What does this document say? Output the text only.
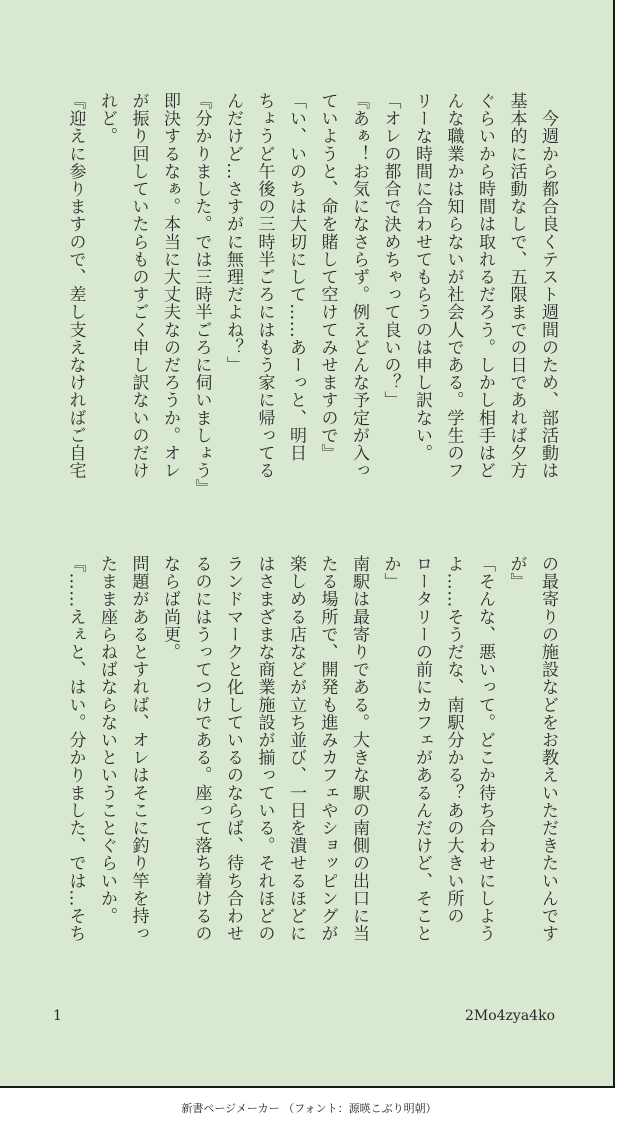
　今週から都合良くテスト週間のため、部活動は
基本的に活動なしで、五限までの日であれば夕方
ぐらいから時間は取れるだろう。しかし相手はど
んな職業かは知らないが社会人である。学生のフ
リーな時間に合わせてもらうのは申し訳ない。
「オレの都合で決めちゃって良いの？」
『あぁ！お気になさらず。例えどんな予定が入っ
ていようと、命を賭して空けてみせますので』
「い、いのちは大切にして……あーっと、明日
ちょうど午後の三時半ごろにはもう家に帰ってる
んだけど…さすがに無理だよね？」
『分かりました。では三時半ごろに伺いましょう』
即決するなぁ。本当に大丈夫なのだろうか。オレ
が振り回していたらものすごく申し訳ないのだけ
れど。
『迎えに参りますので、差し支えなければご自宅
の最寄りの施設などをお教えいただきたいんです
が』
「そんな、悪いって。どこか待ち合わせにしよう
よ……そうだな、南駅分かる？あの大きい所の
ロータリーの前にカフェがあるんだけど、そこと
か」
南駅は最寄りである。大きな駅の南側の出口に当
たる場所で、開発も進みカフェやショッピングが
楽しめる店などが立ち並び、一日を潰せるほどに
はさまざまな商業施設が揃っている。それほどの
ランドマークと化しているのならば、待ち合わせ
るのにはうってつけである。座って落ち着けるの
ならば尚更。
問題があるとすれば、オレはそこに釣り竿を持っ
たまま座らねばならないということぐらいか。
『……えぇと、はい。分かりました、では…そち
1	2Mo4zya4ko
新書ページメーカー （フォント：源暎こぶり明朝）
